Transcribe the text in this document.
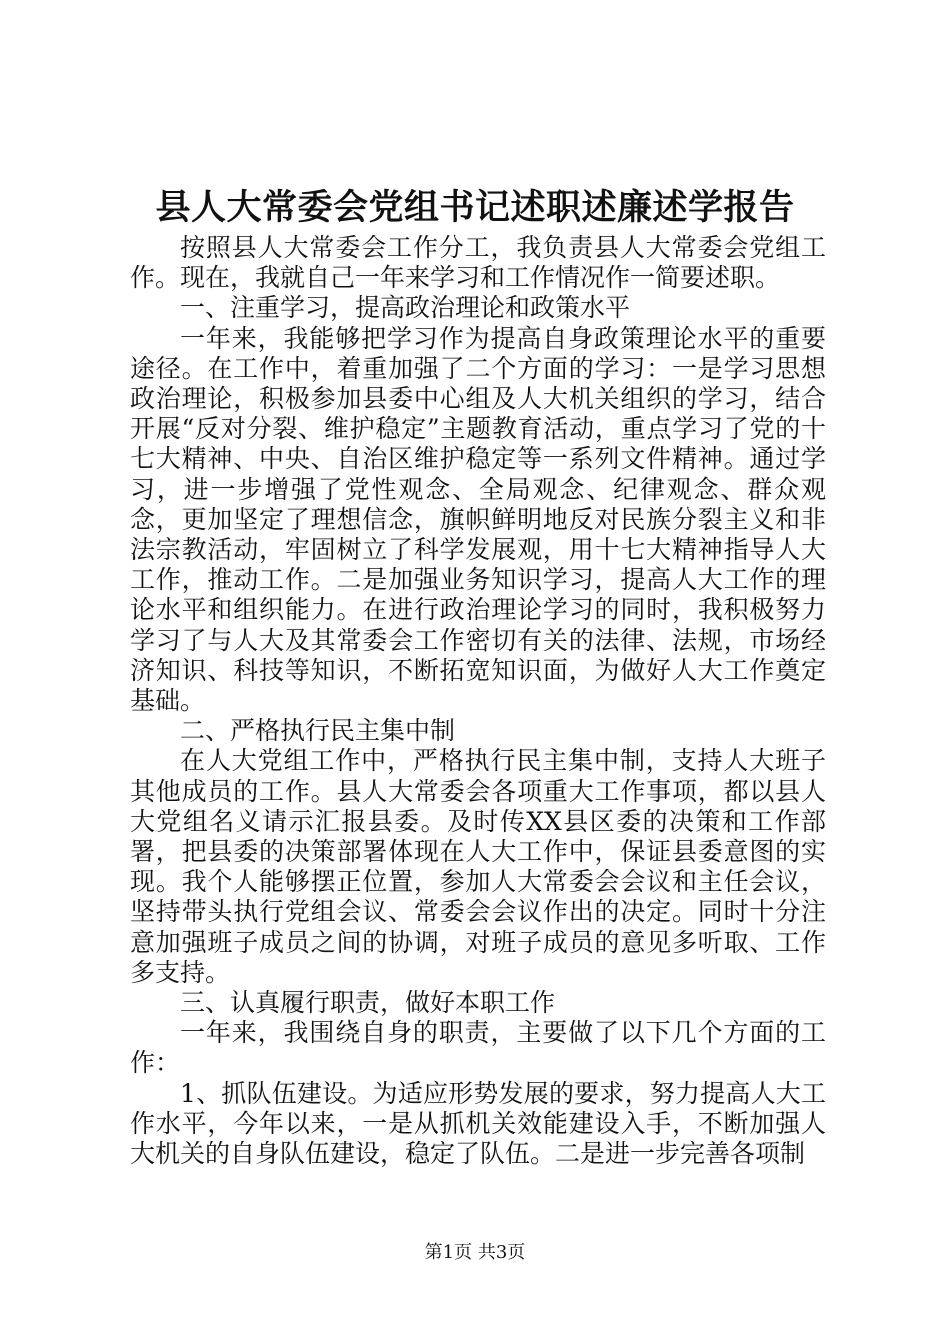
县人大常委会党组书记述职述廉述学报告

按照县人大常委会工作分工，我负责县人大常委会党组工作。现在，我就自己一年来学习和工作情况作一简要述职。

一、注重学习，提高政治理论和政策水平

一年来，我能够把学习作为提高自身政策理论水平的重要途径。在工作中，着重加强了二个方面的学习：一是学习思想政治理论，积极参加县委中心组及人大机关组织的学习，结合开展“反对分裂、维护稳定”主题教育活动，重点学习了党的十七大精神、中央、自治区维护稳定等一系列文件精神。通过学习，进一步增强了党性观念、全局观念、纪律观念、群众观念，更加坚定了理想信念，旗帜鲜明地反对民族分裂主义和非法宗教活动，牢固树立了科学发展观，用十七大精神指导人大工作，推动工作。二是加强业务知识学习，提高人大工作的理论水平和组织能力。在进行政治理论学习的同时，我积极努力学习了与人大及其常委会工作密切有关的法律、法规，市场经济知识、科技等知识，不断拓宽知识面，为做好人大工作奠定基础。

二、严格执行民主集中制

在人大党组工作中，严格执行民主集中制，支持人大班子其他成员的工作。县人大常委会各项重大工作事项，都以县人大党组名义请示汇报县委。及时传XX县区委的决策和工作部署，把县委的决策部署体现在人大工作中，保证县委意图的实现。我个人能够摆正位置，参加人大常委会会议和主任会议，坚持带头执行党组会议、常委会会议作出的决定。同时十分注意加强班子成员之间的协调，对班子成员的意见多听取、工作多支持。

三、认真履行职责，做好本职工作

一年来，我围绕自身的职责，主要做了以下几个方面的工作：

1、抓队伍建设。为适应形势发展的要求，努力提高人大工作水平，今年以来，一是从抓机关效能建设入手，不断加强人大机关的自身队伍建设，稳定了队伍。二是进一步完善各项制

第1页 共3页
